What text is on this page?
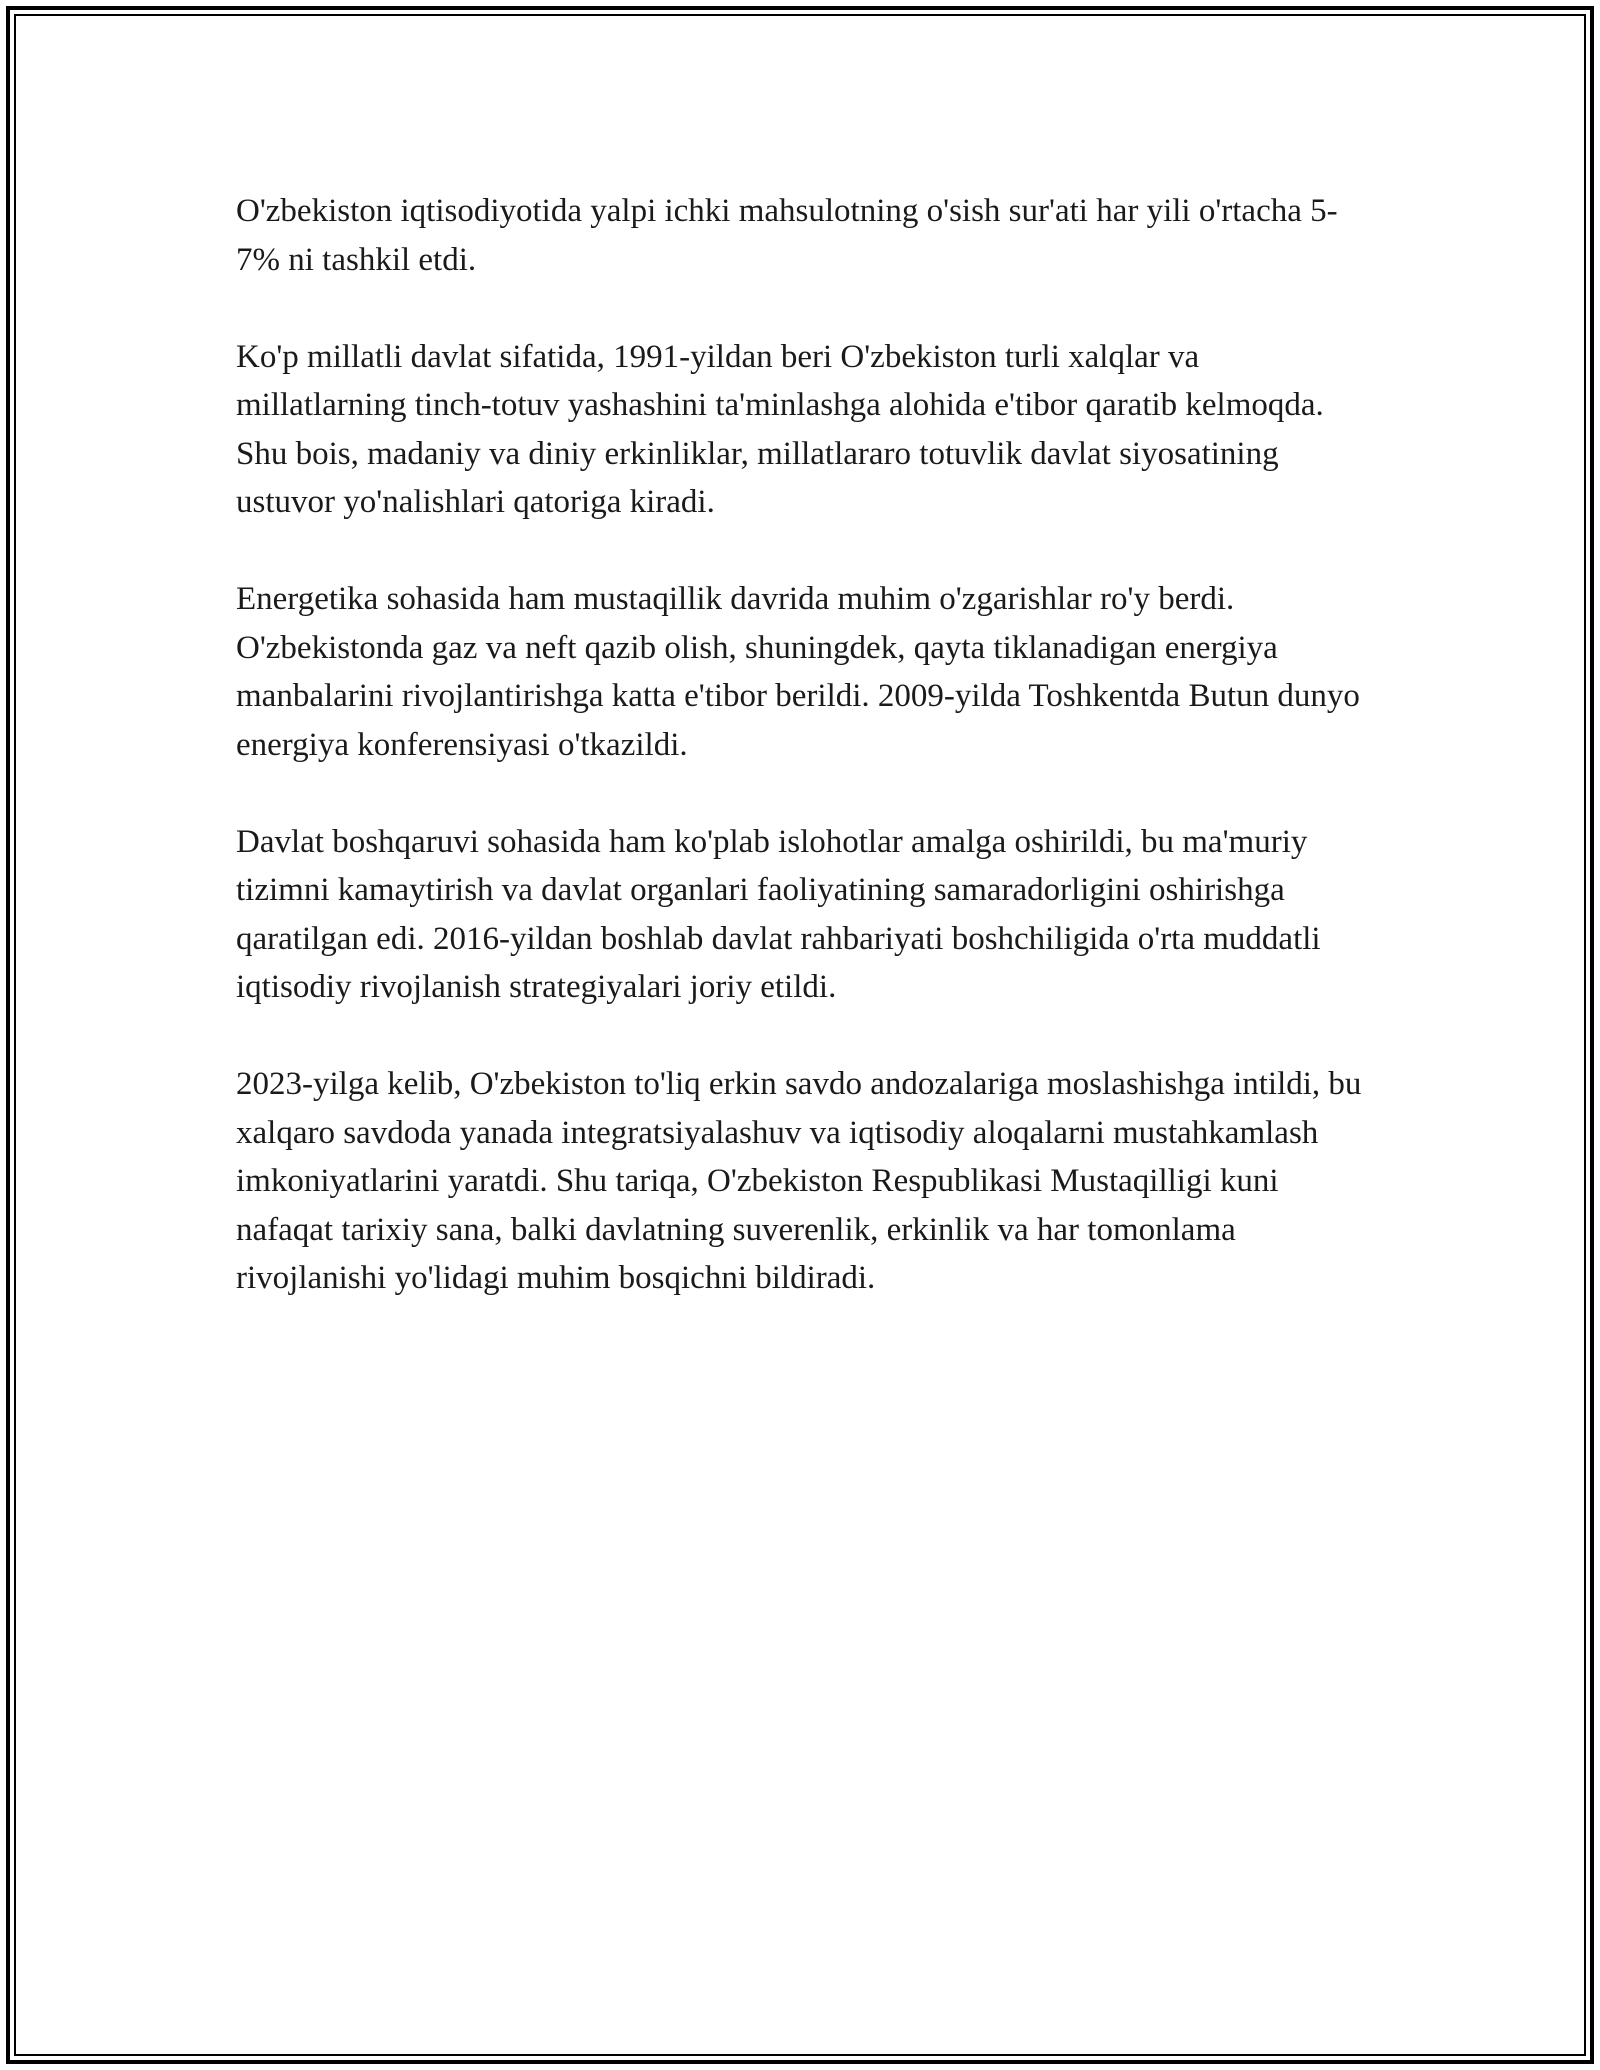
O'zbekiston iqtisodiyotida yalpi ichki mahsulotning o'sish sur'ati har yili o'rtacha 5-7% ni tashkil etdi.

Ko'p millatli davlat sifatida, 1991-yildan beri O'zbekiston turli xalqlar va millatlarning tinch-totuv yashashini ta'minlashga alohida e'tibor qaratib kelmoqda. Shu bois, madaniy va diniy erkinliklar, millatlararo totuvlik davlat siyosatining ustuvor yo'nalishlari qatoriga kiradi.

Energetika sohasida ham mustaqillik davrida muhim o'zgarishlar ro'y berdi. O'zbekistonda gaz va neft qazib olish, shuningdek, qayta tiklanadigan energiya manbalarini rivojlantirishga katta e'tibor berildi. 2009-yilda Toshkentda Butun dunyo energiya konferensiyasi o'tkazildi.

Davlat boshqaruvi sohasida ham ko'plab islohotlar amalga oshirildi, bu ma'muriy tizimni kamaytirish va davlat organlari faoliyatining samaradorligini oshirishga qaratilgan edi. 2016-yildan boshlab davlat rahbariyati boshchiligida o'rta muddatli iqtisodiy rivojlanish strategiyalari joriy etildi.

2023-yilga kelib, O'zbekiston to'liq erkin savdo andozalariga moslashishga intildi, bu xalqaro savdoda yanada integratsiyalashuv va iqtisodiy aloqalarni mustahkamlash imkoniyatlarini yaratdi. Shu tariqa, O'zbekiston Respublikasi Mustaqilligi kuni nafaqat tarixiy sana, balki davlatning suverenlik, erkinlik va har tomonlama rivojlanishi yo'lidagi muhim bosqichni bildiradi.
